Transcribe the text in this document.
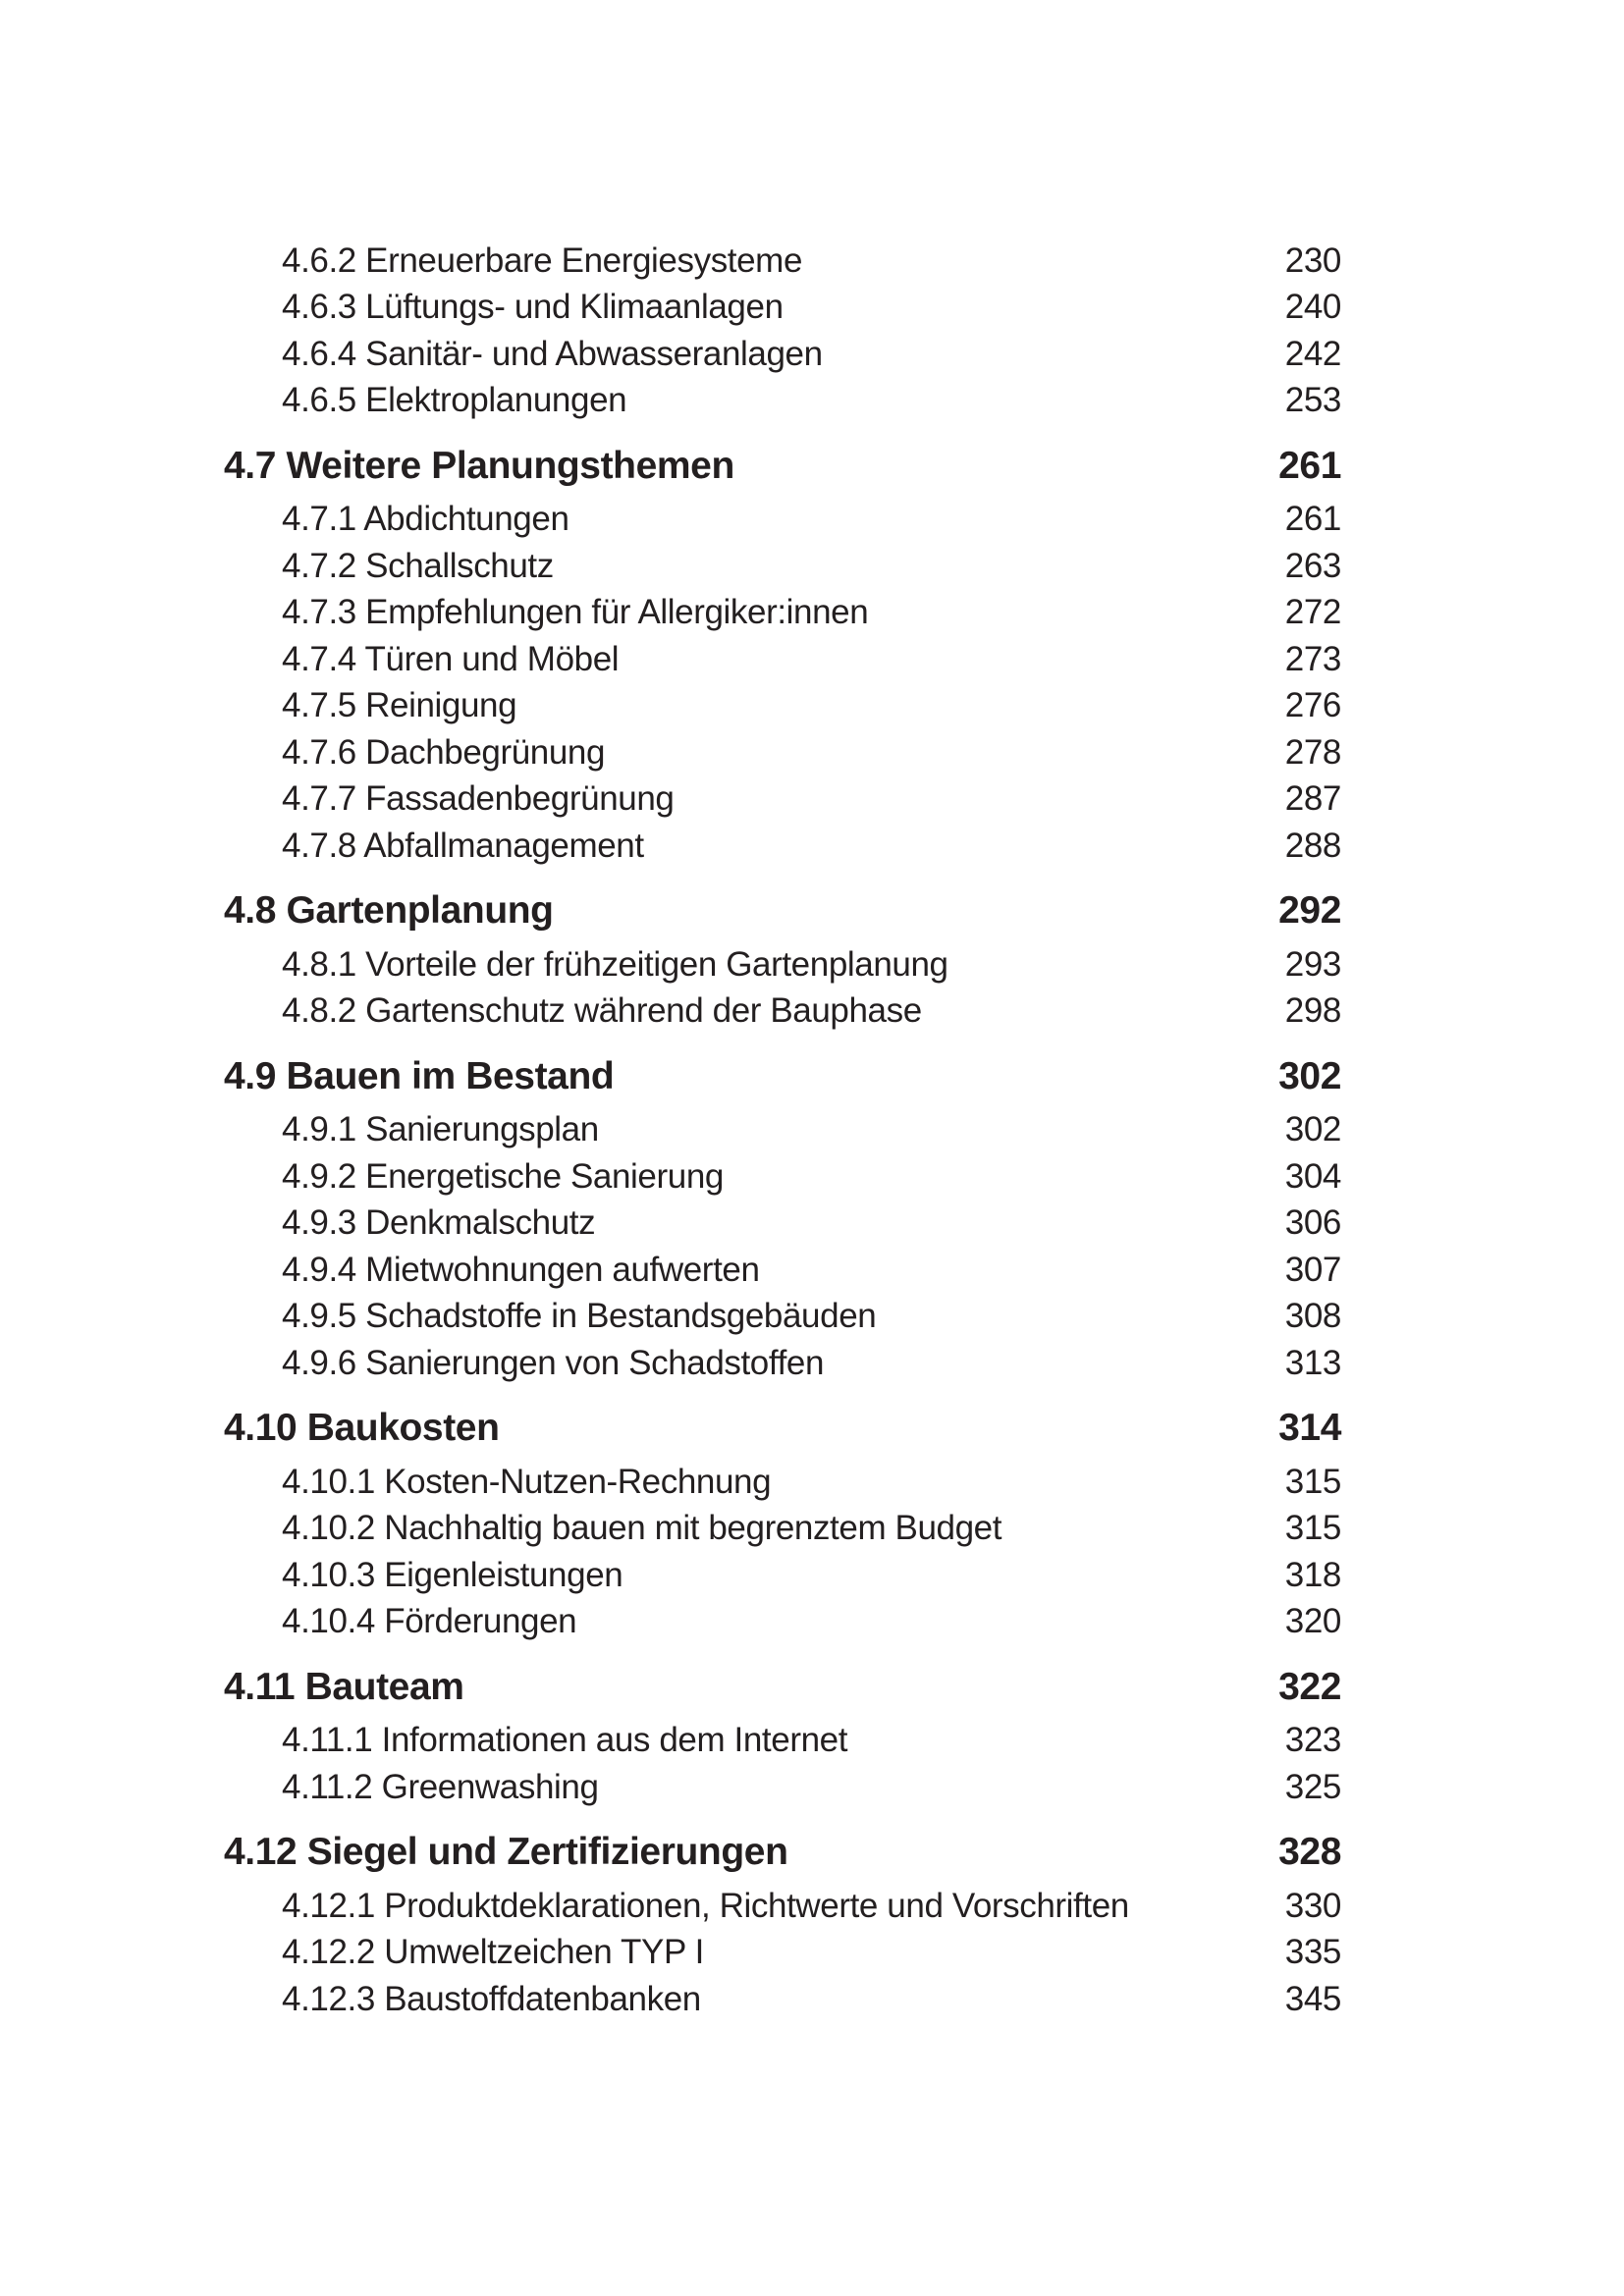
4.6.2 Erneuerbare Energiesysteme	230
4.6.3 Lüftungs- und Klimaanlagen	240
4.6.4 Sanitär- und Abwasseranlagen	242
4.6.5 Elektroplanungen	253
4.7 Weitere Planungsthemen	261
4.7.1 Abdichtungen	261
4.7.2 Schallschutz	263
4.7.3 Empfehlungen für Allergiker:innen	272
4.7.4 Türen und Möbel	273
4.7.5 Reinigung	276
4.7.6 Dachbegrünung	278
4.7.7 Fassadenbegrünung	287
4.7.8 Abfallmanagement	288
4.8 Gartenplanung	292
4.8.1 Vorteile der frühzeitigen Gartenplanung	293
4.8.2 Gartenschutz während der Bauphase	298
4.9 Bauen im Bestand	302
4.9.1 Sanierungsplan	302
4.9.2 Energetische Sanierung	304
4.9.3 Denkmalschutz	306
4.9.4 Mietwohnungen aufwerten	307
4.9.5 Schadstoffe in Bestandsgebäuden	308
4.9.6 Sanierungen von Schadstoffen	313
4.10 Baukosten	314
4.10.1 Kosten-Nutzen-Rechnung	315
4.10.2 Nachhaltig bauen mit begrenztem Budget	315
4.10.3 Eigenleistungen	318
4.10.4 Förderungen	320
4.11 Bauteam	322
4.11.1 Informationen aus dem Internet	323
4.11.2 Greenwashing	325
4.12 Siegel und Zertifizierungen	328
4.12.1 Produktdeklarationen, Richtwerte und Vorschriften	330
4.12.2 Umweltzeichen TYP I	335
4.12.3 Baustoffdatenbanken	345
